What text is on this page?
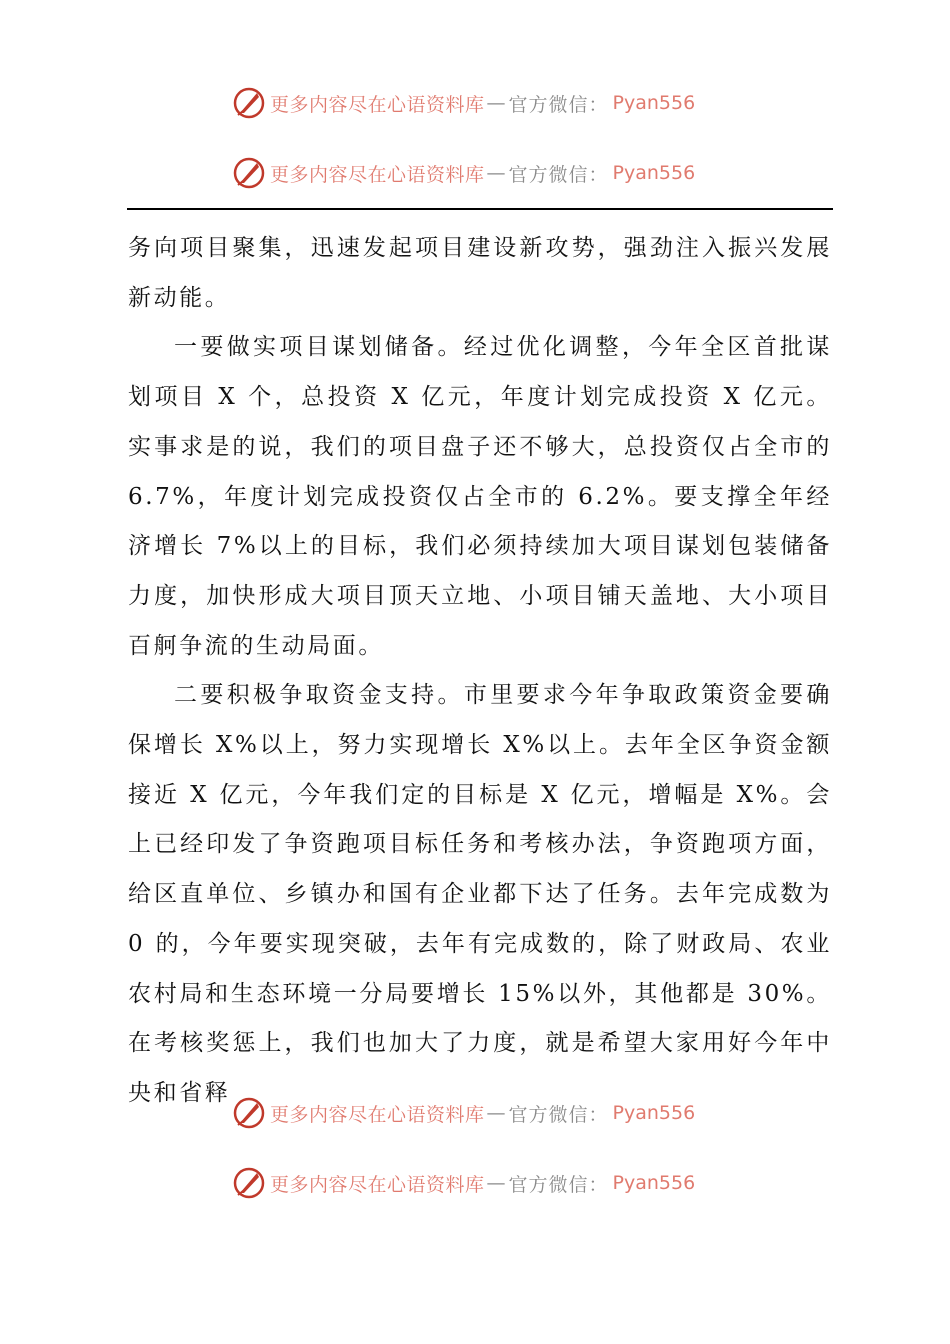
更多内容尽在心语资料库 — 官方微信： Pyan556
更多内容尽在心语资料库 — 官方微信： Pyan556

务向项目聚集，迅速发起项目建设新攻势，强劲注入振兴发展新动能。

一要做实项目谋划储备。经过优化调整，今年全区首批谋划项目 X 个，总投资 X 亿元，年度计划完成投资 X 亿元。实事求是的说，我们的项目盘子还不够大，总投资仅占全市的 6.7%，年度计划完成投资仅占全市的 6.2%。要支撑全年经济增长 7%以上的目标，我们必须持续加大项目谋划包装储备力度，加快形成大项目顶天立地、小项目铺天盖地、大小项目百舸争流的生动局面。

二要积极争取资金支持。市里要求今年争取政策资金要确保增长 X%以上，努力实现增长 X%以上。去年全区争资金额接近 X 亿元，今年我们定的目标是 X 亿元，增幅是 X%。会上已经印发了争资跑项目标任务和考核办法，争资跑项方面，给区直单位、乡镇办和国有企业都下达了任务。去年完成数为 0 的，今年要实现突破，去年有完成数的，除了财政局、农业农村局和生态环境一分局要增长 15%以外，其他都是 30%。在考核奖惩上，我们也加大了力度，就是希望大家用好今年中央和省释

更多内容尽在心语资料库 — 官方微信： Pyan556
更多内容尽在心语资料库 — 官方微信： Pyan556
